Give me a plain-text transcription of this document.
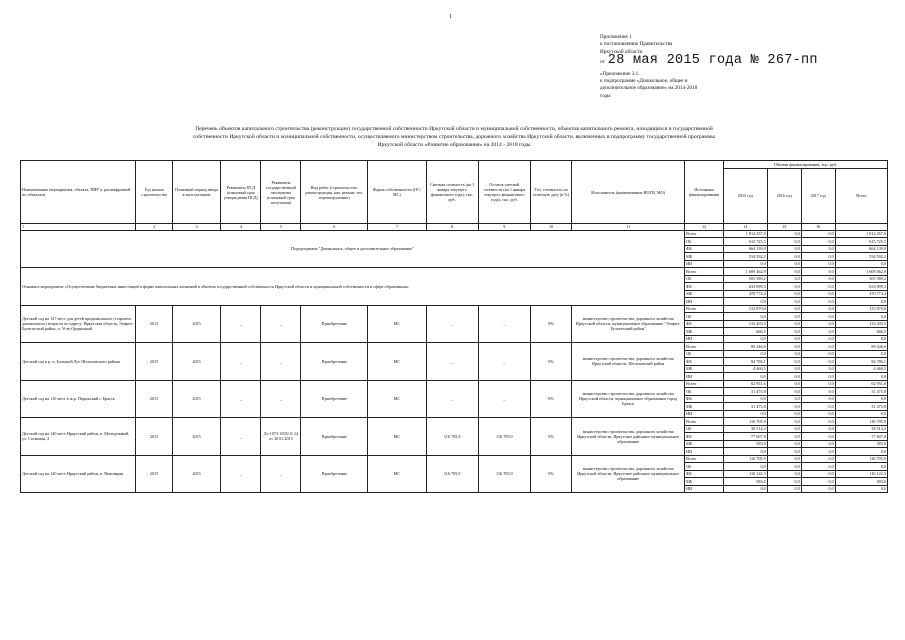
1
Приложение 1
к постановлению Правительства
Иркутской области
от 28 мая 2015 года № 267-пп
«Приложение 3.1.
к подпрограмме «Дошкольное, общее и
дополнительное образование» на 2014-2018
годы
Перечень объектов капитального строительства (реконструкции) государственной собственности Иркутской области и муниципальной собственности, объектов капитального ремонта, находящихся в государственной
собственности Иркутской области и муниципальной собственности, осуществляемого министерством строительства, дорожного хозяйства Иркутской области, включенных в подпрограмму государственной программы
Иркутской области «Развитие образования» на 2014 - 2018 годы
Наименование мероприятия, объекта, ПИР (с расшифровкой по объектам)	Год начала строительства	Плановый период ввода в эксплуатацию	Реквизиты ПСД (плановый срок утверждения ПСД)	Реквизиты государственной экспертизы (плановый срок получения)	Вид работ (строительство, реконструкция, кап. ремонт, тех. перевооружение)	Форма собственности (ОС/МС)	Сметная стоимость (на 1 января текущего финансового года), тыс. руб.	Остаток сметной стоимости (на 1 января текущего финансового года), тыс. руб.	Тех. готовность на отчетную дату (в %)	Исполнитель (наименование ИОГВ, МО)	Источники финансирования	Объемы финансирования, тыс. руб.			
												2015 год	2016 год	2017 год	Всего
1	2	3	4	5	6	7	8	9	10	11	12	14	15	16	
Подпрограмма "Дошкольное, общее и дополнительное образование"											Всего	1 814 457,6	0,0	0,0	1 814 457,6
											ОБ	615 725,5	0,0	0,0	615 725,5
											ФБ	664 139,9	0,0	0,0	664 139,9
											МБ	534 592,2	0,0	0,0	534 592,2
											ИИ	0,0	0,0	0,0	0,0
Основное мероприятие «Осуществление бюджетных инвестиций в форме капитальных вложений в объекты государственной собственности Иркутской области и муниципальной собственности в сфере образования»											Всего	1 609 462,9	0,0	0,0	1 609 462,9
											ОБ	505 589,2	0,0	0,0	505 589,2
											ФБ	633 099,3	0,0	0,0	633 099,3
											МБ	470 774,4	0,0	0,0	470 774,4
											ИИ	0,0	0,0	0,0	0,0
Детский сад на 147 мест для детей предшкольного (старшего дошкольного) возраста по адресу: Иркутская область, Эхирит-Булагатский район, п. Усть-Ордынский	2013	2015	_	_	Приобретение	МС	_	_	0%	министерство строительства, дорожного хозяйства Иркутской области, муниципальное образование "Эхирит-Булагатский район"	Всего	133 870,0	0,0	0,0	133 870,0
											ОБ	0,0	0,0	0,0	0,0
											ФБ	133 203,5	0,0	0,0	133 203,5
											МБ	666,5	0,0	0,0	666,5
											ИИ	0,0	0,0	0,0	0,0
Детский сад в р. п. Большой Луг Шелеховского района	2015	2015	_	_	Приобретение	МС	_	_	0%	министерство строительства, дорожного хозяйства Иркутской области, Шелеховский район	Всего	89 246,6	0,0	0,0	89 246,6
											ОБ	0,0	0,0	0,0	0,0
											ФБ	84 786,1	0,0	0,0	84 786,1
											МБ	4 460,5	0,0	0,0	4 460,5
											ИИ	0,0	0,0	0,0	0,0
Детский сад на 110 мест в ж.р. Порожский г. Братск	2015	2015	_	_	Приобретение	МС	_	_	0%	министерство строительства, дорожного хозяйства Иркутской области, муниципальное образование город Братск	Всего	62 951,6	0,0	0,0	62 951,6
											ОБ	31 475,8	0,0	0,0	31 475,8
											ФБ	0,0	0,0	0,0	0,0
											МБ	31 475,8	0,0	0,0	31 475,8
											ИИ	0,0	0,0	0,0	0,0
Детский сад на 140 мест Иркутский район, п. Молодежный, ул. Сосновая, 2	2015	2015	_	Дз-1073-1835/11.14 от 30.01.2015	Приобретение	МС	116 705,9	116 705,9	0%	министерство строительства, дорожного хозяйства Иркутской области, Иркутское районное муниципальное образование	Всего	116 705,9	0,0	0,0	116 705,9
											ОБ	38 514,3	0,0	0,0	38 514,3
											ФБ	77 607,8	0,0	0,0	77 607,8
											МБ	583,8	0,0	0,0	583,8
											ИИ	0,0	0,0	0,0	0,0
Детский сад на 140 мест Иркутский район, п. Пивоварка	2015	2015	_	_	Приобретение	МС	116 705,9	116 705,9	0%	министерство строительства, дорожного хозяйства Иркутской области, Иркутское районное муниципальное образование	Всего	116 705,9	0,0	0,0	116 705,9
											ОБ	0,0	0,0	0,0	0,0
											ФБ	116 122,3	0,0	0,0	116 122,3
											МБ	583,6	0,0	0,0	583,6
											ИИ	0,0	0,0	0,0	0,0
